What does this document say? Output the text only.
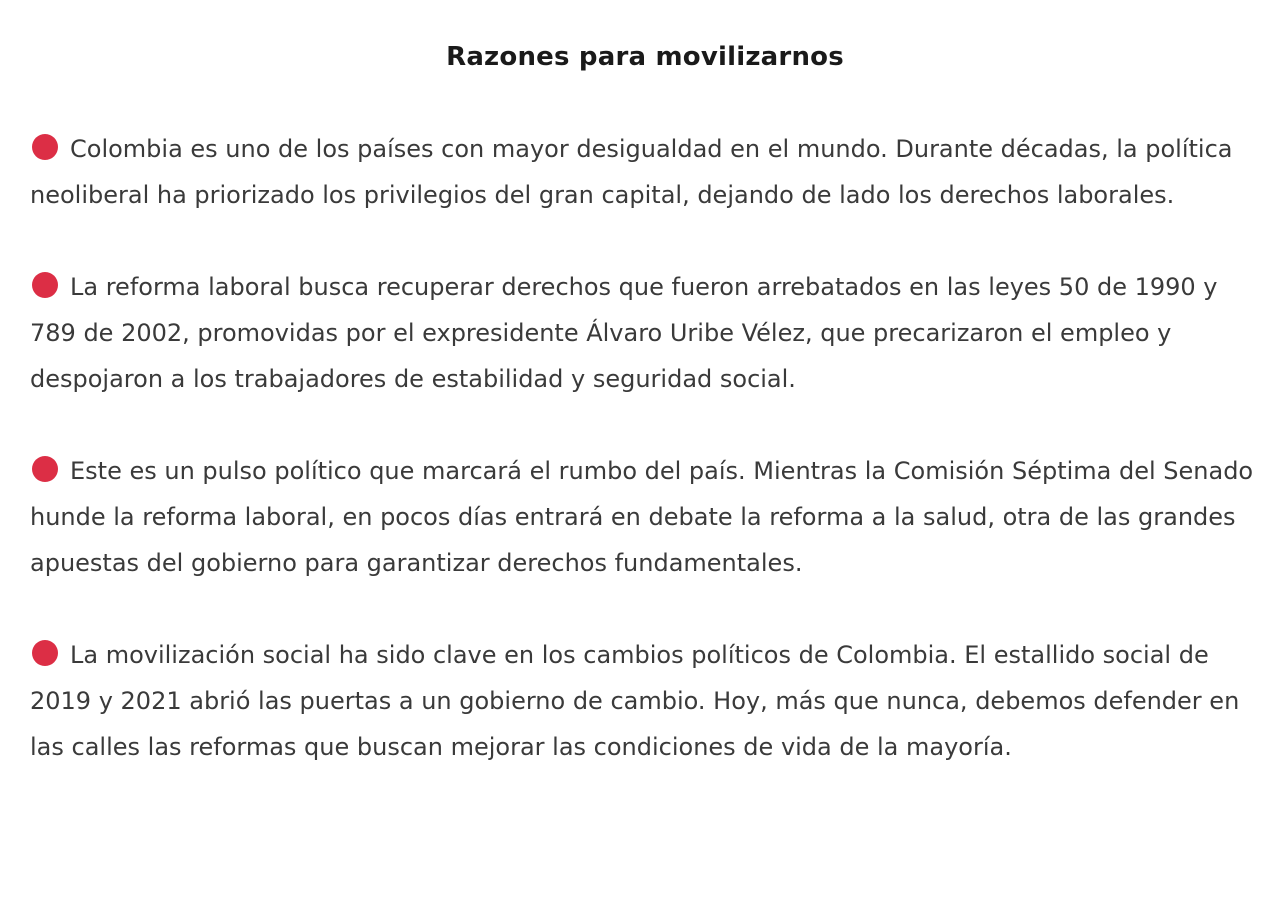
Razones para movilizarnos
Colombia es uno de los países con mayor desigualdad en el mundo. Durante décadas, la política neoliberal ha priorizado los privilegios del gran capital, dejando de lado los derechos laborales.
La reforma laboral busca recuperar derechos que fueron arrebatados en las leyes 50 de 1990 y 789 de 2002, promovidas por el expresidente Álvaro Uribe Vélez, que precarizaron el empleo y despojaron a los trabajadores de estabilidad y seguridad social.
Este es un pulso político que marcará el rumbo del país. Mientras la Comisión Séptima del Senado hunde la reforma laboral, en pocos días entrará en debate la reforma a la salud, otra de las grandes apuestas del gobierno para garantizar derechos fundamentales.
La movilización social ha sido clave en los cambios políticos de Colombia. El estallido social de 2019 y 2021 abrió las puertas a un gobierno de cambio. Hoy, más que nunca, debemos defender en las calles las reformas que buscan mejorar las condiciones de vida de la mayoría.
